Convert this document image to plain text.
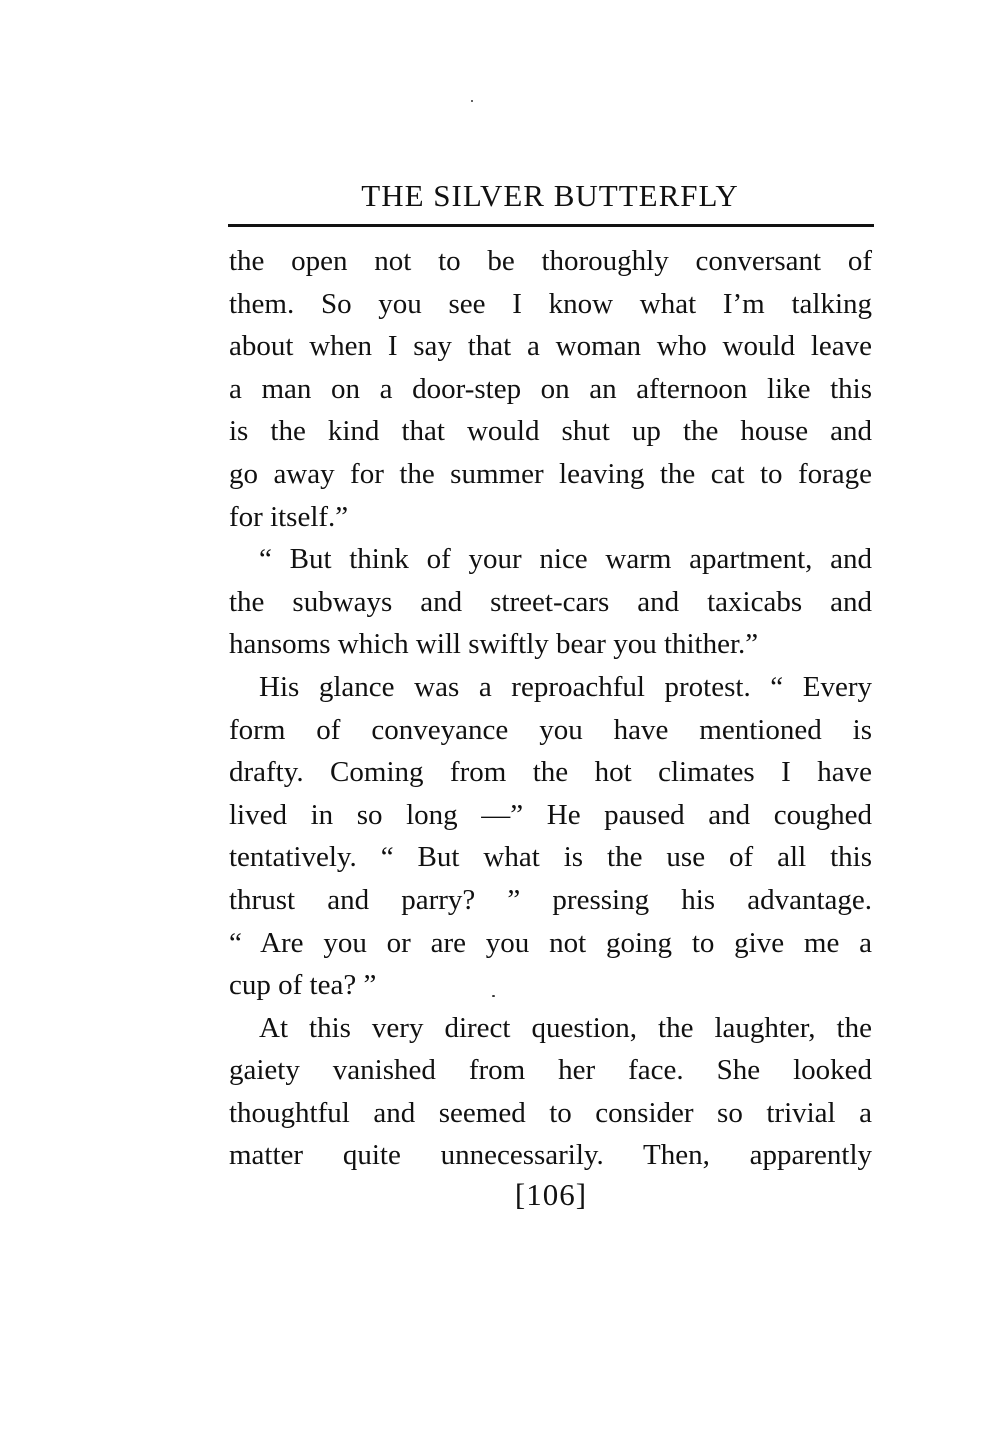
THE SILVER BUTTERFLY
the open not to be thoroughly conversant of
them. So you see I know what I’m talking
about when I say that a woman who would leave
a man on a door-step on an afternoon like this
is the kind that would shut up the house and
go away for the summer leaving the cat to forage
for itself.”
“ But think of your nice warm apartment, and
the subways and street-cars and taxicabs and
hansoms which will swiftly bear you thither.”
His glance was a reproachful protest. “ Every
form of conveyance you have mentioned is
drafty. Coming from the hot climates I have
lived in so long —” He paused and coughed
tentatively. “ But what is the use of all this
thrust and parry? ” pressing his advantage.
“ Are you or are you not going to give me a
cup of tea? ”
At this very direct question, the laughter, the
gaiety vanished from her face. She looked
thoughtful and seemed to consider so trivial a
matter quite unnecessarily. Then, apparently
[106]
